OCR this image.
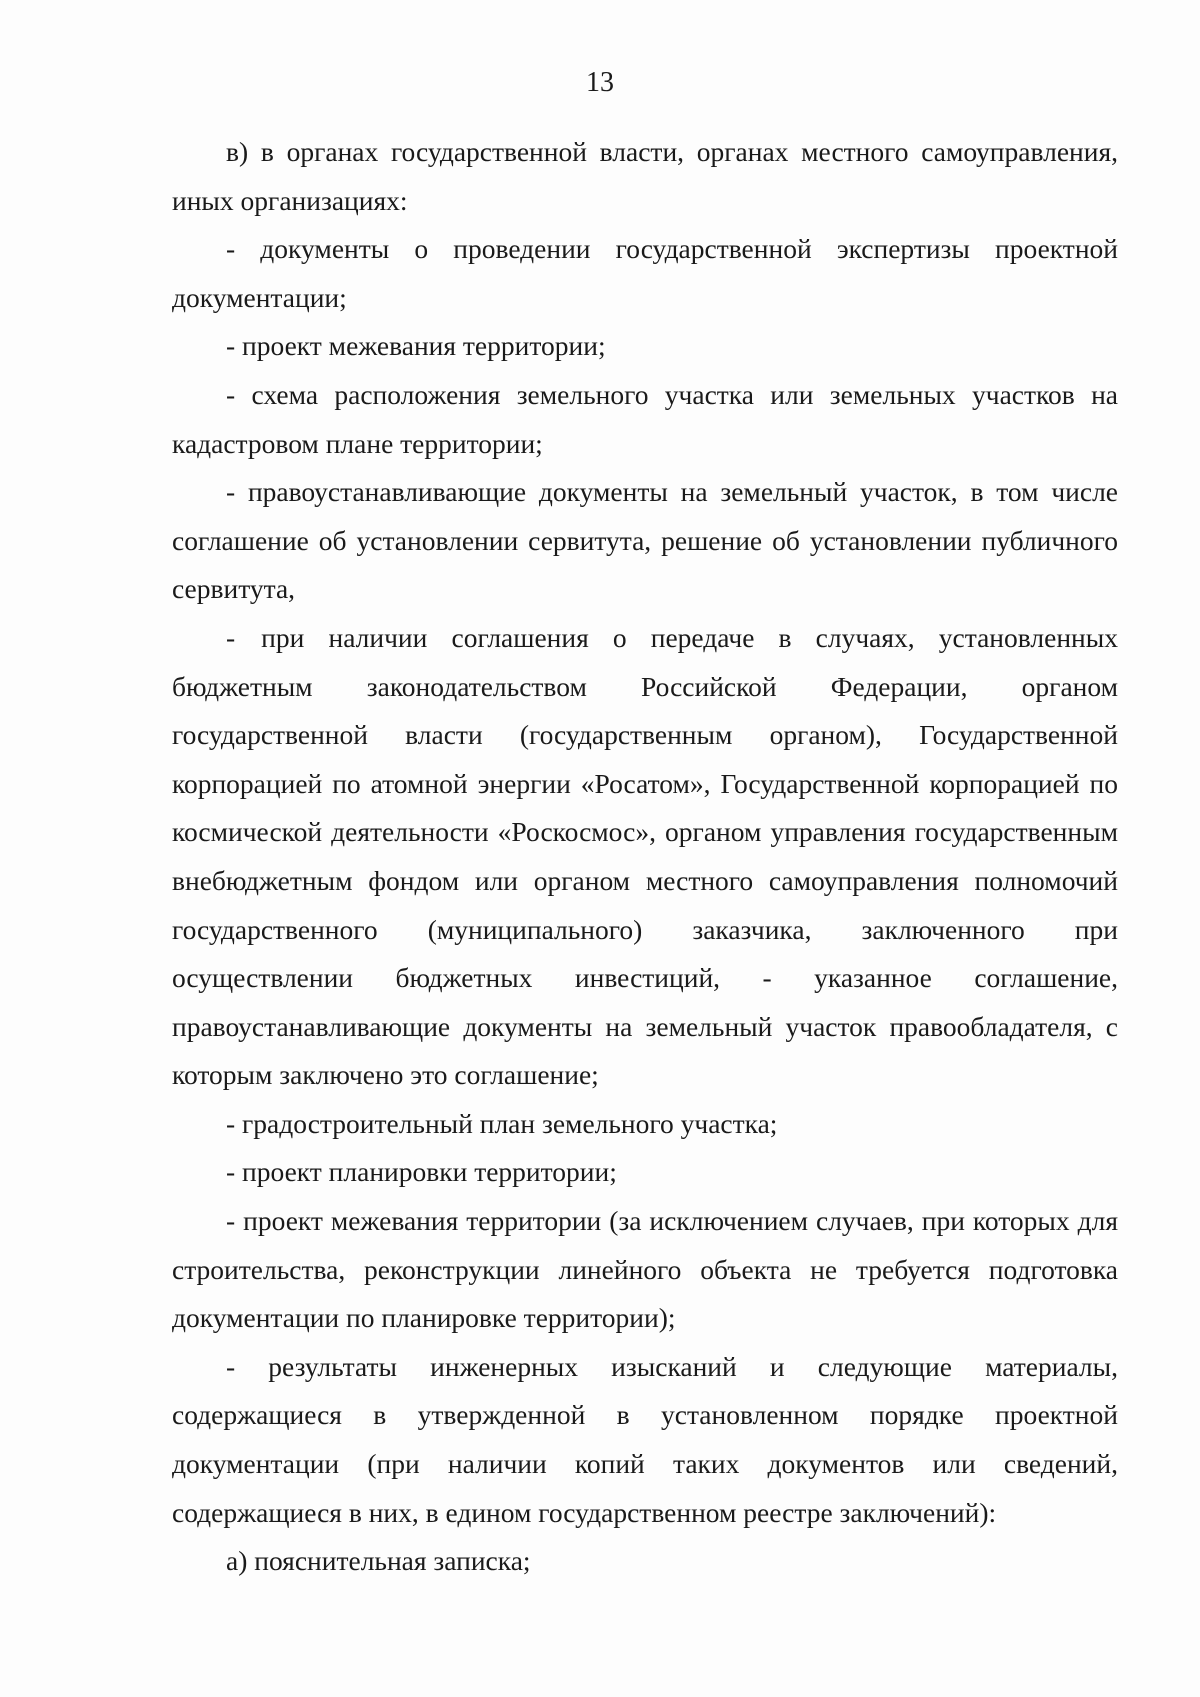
13

в) в органах государственной власти, органах местного самоуправления, иных организациях:

- документы о проведении государственной экспертизы проектной документации;

- проект межевания территории;

- схема расположения земельного участка или земельных участков на кадастровом плане территории;

- правоустанавливающие документы на земельный участок, в том числе соглашение об установлении сервитута, решение об установлении публичного сервитута,

- при наличии соглашения о передаче в случаях, установленных бюджетным законодательством Российской Федерации, органом государственной власти (государственным органом), Государственной корпорацией по атомной энергии «Росатом», Государственной корпорацией по космической деятельности «Роскосмос», органом управления государственным внебюджетным фондом или органом местного самоуправления полномочий государственного (муниципального) заказчика, заключенного при осуществлении бюджетных инвестиций, - указанное соглашение, правоустанавливающие документы на земельный участок правообладателя, с которым заключено это соглашение;

- градостроительный план земельного участка;

- проект планировки территории;

- проект межевания территории (за исключением случаев, при которых для строительства, реконструкции линейного объекта не требуется подготовка документации по планировке территории);

- результаты инженерных изысканий и следующие материалы, содержащиеся в утвержденной в установленном порядке проектной документации (при наличии копий таких документов или сведений, содержащиеся в них, в едином государственном реестре заключений):

а) пояснительная записка;
